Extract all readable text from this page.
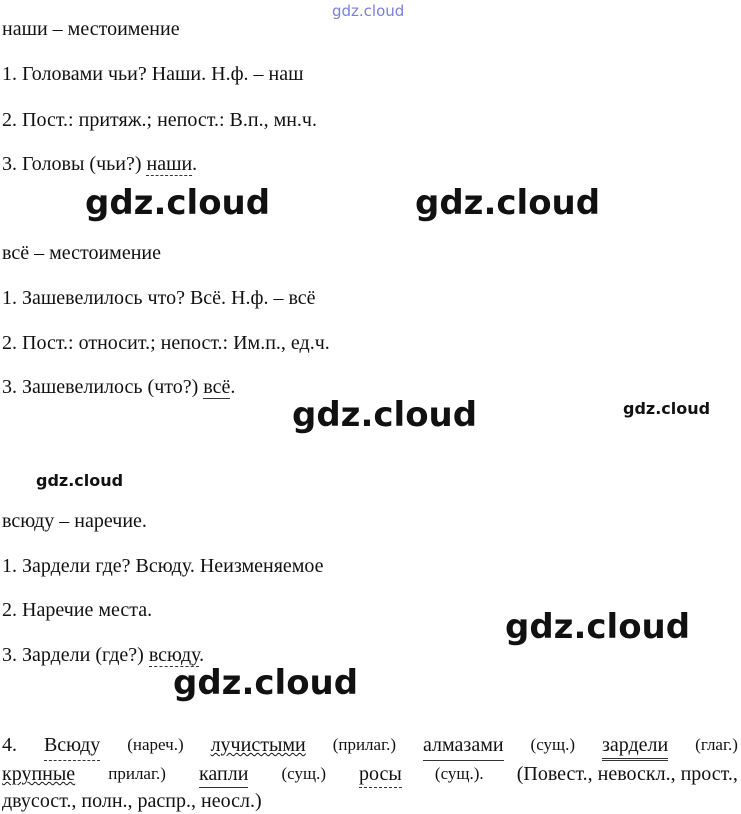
gdz.cloud
наши – местоимение
1. Головами чьи? Наши. Н.ф. – наш
2. Пост.: притяж.; непост.: В.п., мн.ч.
3. Головы (чьи?) наши.
gdz.cloud	gdz.cloud
всё – местоимение
1. Зашевелилось что? Всё. Н.ф. – всё
2. Пост.: относит.; непост.: Им.п., ед.ч.
3. Зашевелилось (что?) всё.
gdz.cloud	gdz.cloud
gdz.cloud
всюду – наречие.
1. Зардели где? Всюду. Неизменяемое
2. Наречие места.
3. Зардели (где?) всюду.
gdz.cloud
gdz.cloud
4. Всюду (нареч.) лучистыми (прилаг.) алмазами (сущ.) зардели (глаг.)
крупные прилаг.) капли (сущ.) росы (сущ.). (Повест., невоскл., прост.,
двусост., полн., распр., неосл.)
